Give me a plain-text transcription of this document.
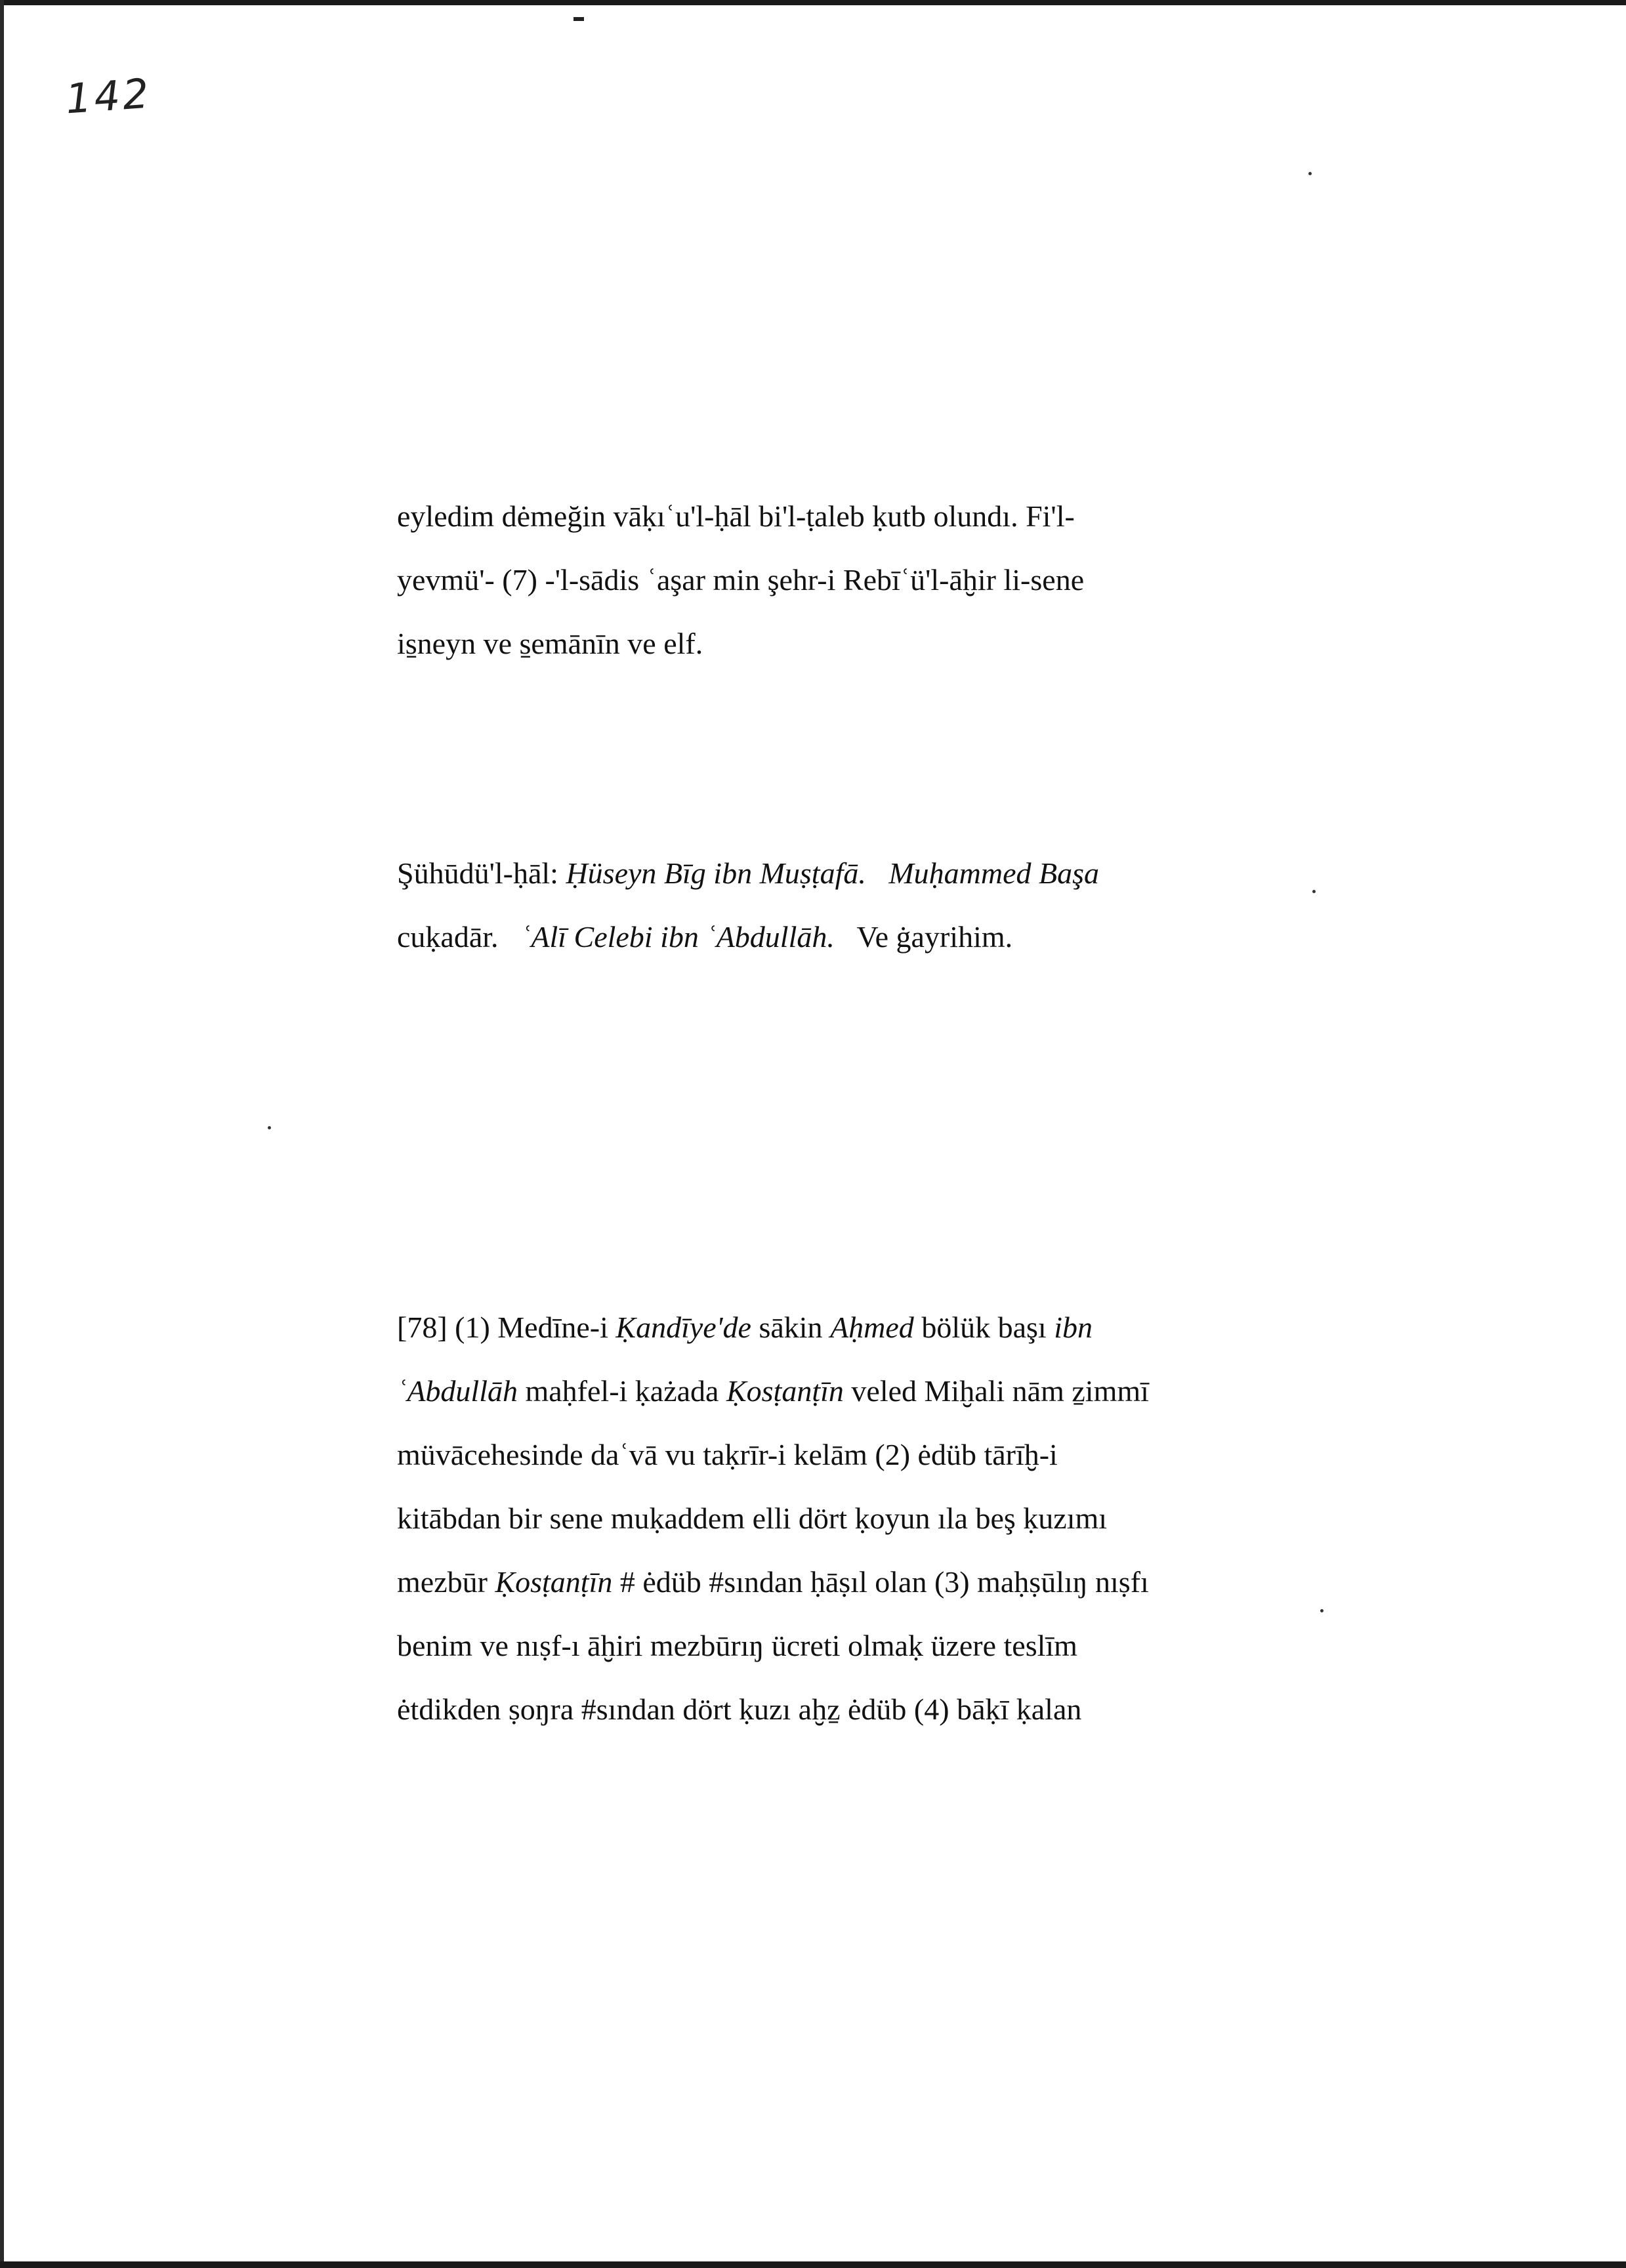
142
eyledim dėmeğin vāḳıʿu'l-ḥāl bi'l-ṭaleb ḳutb olundı. Fi'l-
yevmü'- (7) -'l-sādis ʿaşar min şehr-i Rebīʿü'l-āḫir li-sene
is̱neyn ve s̱emānīn ve elf.
Şühūdü'l-ḥāl: Ḥüseyn Bīg ibn Muṣṭafā. Muḥammed Başa
cuḳadār. ʿAlī Celebi ibn ʿAbdullāh. Ve ġayrihim.
[78] (1) Medīne-i Ḳandīye'de sākin Aḥmed bölük başı ibn
ʿAbdullāh maḥfel-i ḳażada Ḳosṭanṭīn veled Miḫali nām ẕimmī
müvācehesinde daʿvā vu taḳrīr-i kelām (2) ėdüb tārīḫ-i
kitābdan bir sene muḳaddem elli dört ḳoyun ıla beş ḳuzımı
mezbūr Ḳosṭanṭīn # ėdüb #sından ḥāṣıl olan (3) maḥṣūlıŋ nıṣfı
benim ve nıṣf-ı āḫiri mezbūrıŋ ücreti olmaḳ üzere teslīm
ėtdikden ṣoŋra #sından dört ḳuzı aḫẕ ėdüb (4) bāḳī ḳalan
